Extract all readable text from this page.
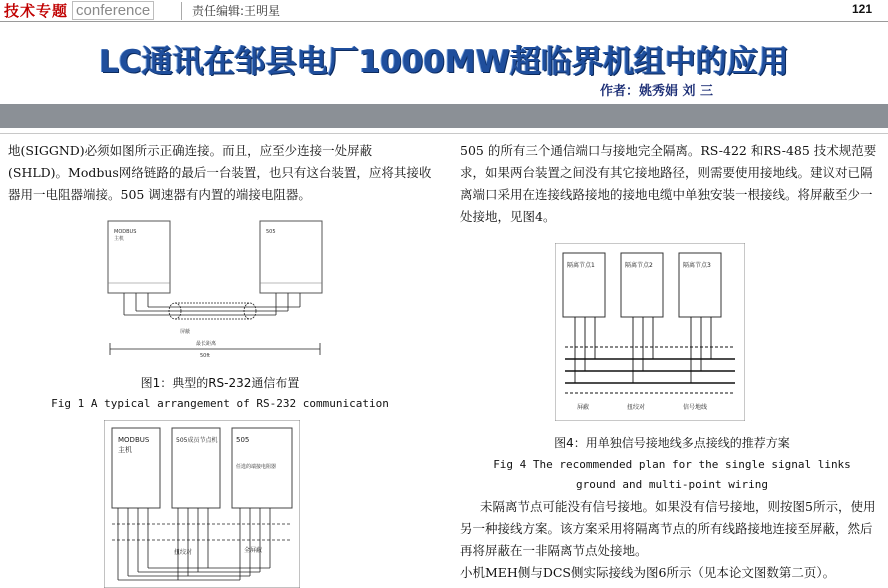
技术专题 conference	责任编辑:王明星	121
LC通讯在邹县电厂1000MW超临界机组中的应用
作者：姚秀娟 刘 三

地(SIGGND)必须如图所示正确连接。而且，应至少连接一处屏蔽(SHLD)。Modbus网络链路的最后一台装置，也只有这台装置，应将其接收器用一电阻器端接。505 调速器有内置的端接电阻器。

MODBUS
主机
505
屏蔽
最长距离
50ft
图1：典型的RS-232通信布置
Fig 1 A typical arrangement of RS-232 communication
MODBUS
主机
505成员节点机	505
任选的端接电阻器
扭绞对	全屏蔽

505 的所有三个通信端口与接地完全隔离。RS-422 和RS-485 技术规范要求，如果两台装置之间没有其它接地路径，则需要使用接地线。建议对已隔离端口采用在连接线路接地的接地电缆中单独安装一根接线。将屏蔽至少一处接地，见图4。

隔离节点1	隔离节点2	隔离节点3
屏蔽	扭绞对	信号地线
图4：用单独信号接地线多点接线的推荐方案
Fig 4 The recommended plan for the single signal links
ground and multi-point wiring

未隔离节点可能没有信号接地。如果没有信号接地，则按图5所示，使用另一种接线方案。该方案采用将隔离节点的所有线路接地连接至屏蔽，然后再将屏蔽在一非隔离节点处接地。

小机MEH侧与DCS侧实际接线为图6所示（见本论文图数第二页）。
